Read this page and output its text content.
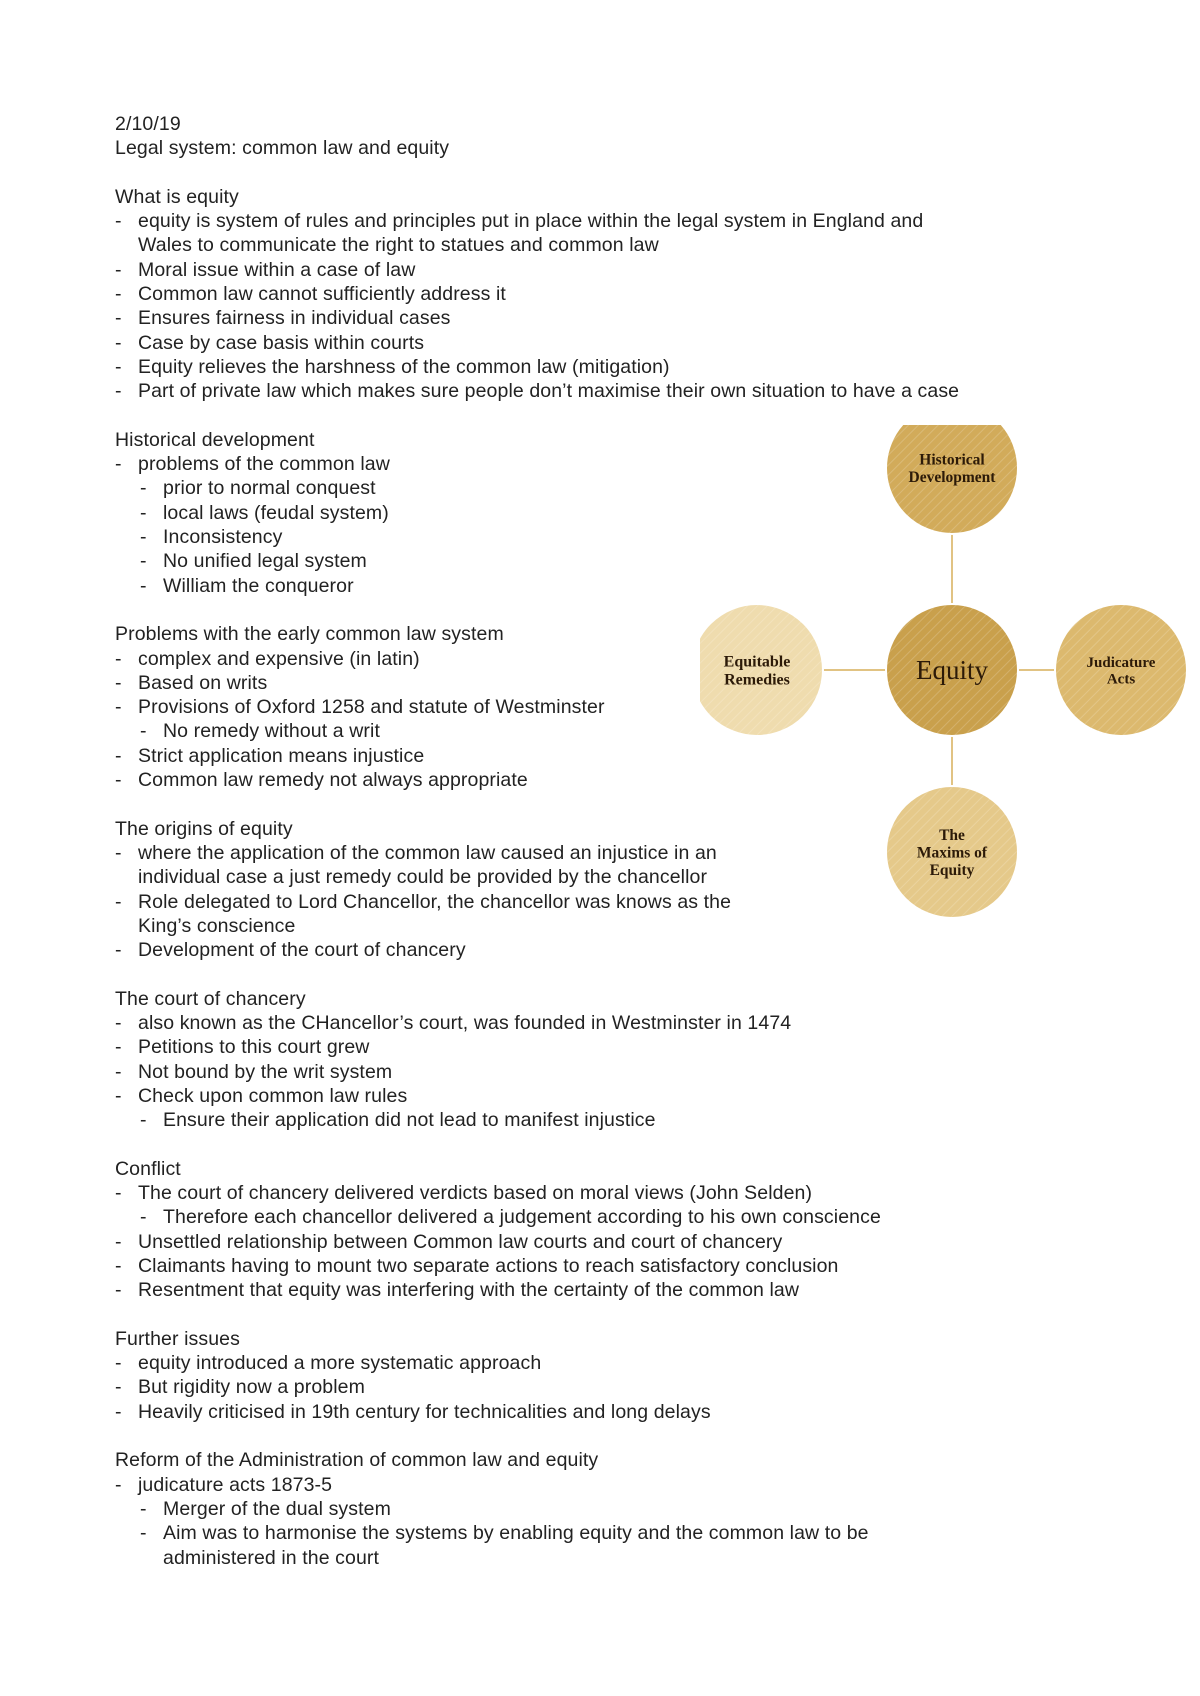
2/10/19
Legal system: common law and equity
What is equity
- equity is system of rules and principles put in place within the legal system in England and
Wales to communicate the right to statues and common law
- Moral issue within a case of law
- Common law cannot sufficiently address it
- Ensures fairness in individual cases
- Case by case basis within courts
- Equity relieves the harshness of the common law (mitigation)
- Part of private law which makes sure people don’t maximise their own situation to have a case
Historical development
- problems of the common law
- prior to normal conquest
- local laws (feudal system)
- Inconsistency
- No unified legal system
- William the conqueror
Problems with the early common law system
- complex and expensive (in latin)
- Based on writs
- Provisions of Oxford 1258 and statute of Westminster
- No remedy without a writ
- Strict application means injustice
- Common law remedy not always appropriate
The origins of equity
- where the application of the common law caused an injustice in an
individual case a just remedy could be provided by the chancellor
- Role delegated to Lord Chancellor, the chancellor was knows as the
King’s conscience
- Development of the court of chancery
The court of chancery
- also known as the CHancellor’s court, was founded in Westminster in 1474
- Petitions to this court grew
- Not bound by the writ system
- Check upon common law rules
- Ensure their application did not lead to manifest injustice
Conflict
- The court of chancery delivered verdicts based on moral views (John Selden)
- Therefore each chancellor delivered a judgement according to his own conscience
- Unsettled relationship between Common law courts and court of chancery
- Claimants having to mount two separate actions to reach satisfactory conclusion
- Resentment that equity was interfering with the certainty of the common law
Further issues
- equity introduced a more systematic approach
- But rigidity now a problem
- Heavily criticised in 19th century for technicalities and long delays
Reform of the Administration of common law and equity
- judicature acts 1873-5
- Merger of the dual system
- Aim was to harmonise the systems by enabling equity and the common law to be
administered in the court
Historical Development
Equitable Remedies
Judicature Acts
The Maxims of Equity
Equity
